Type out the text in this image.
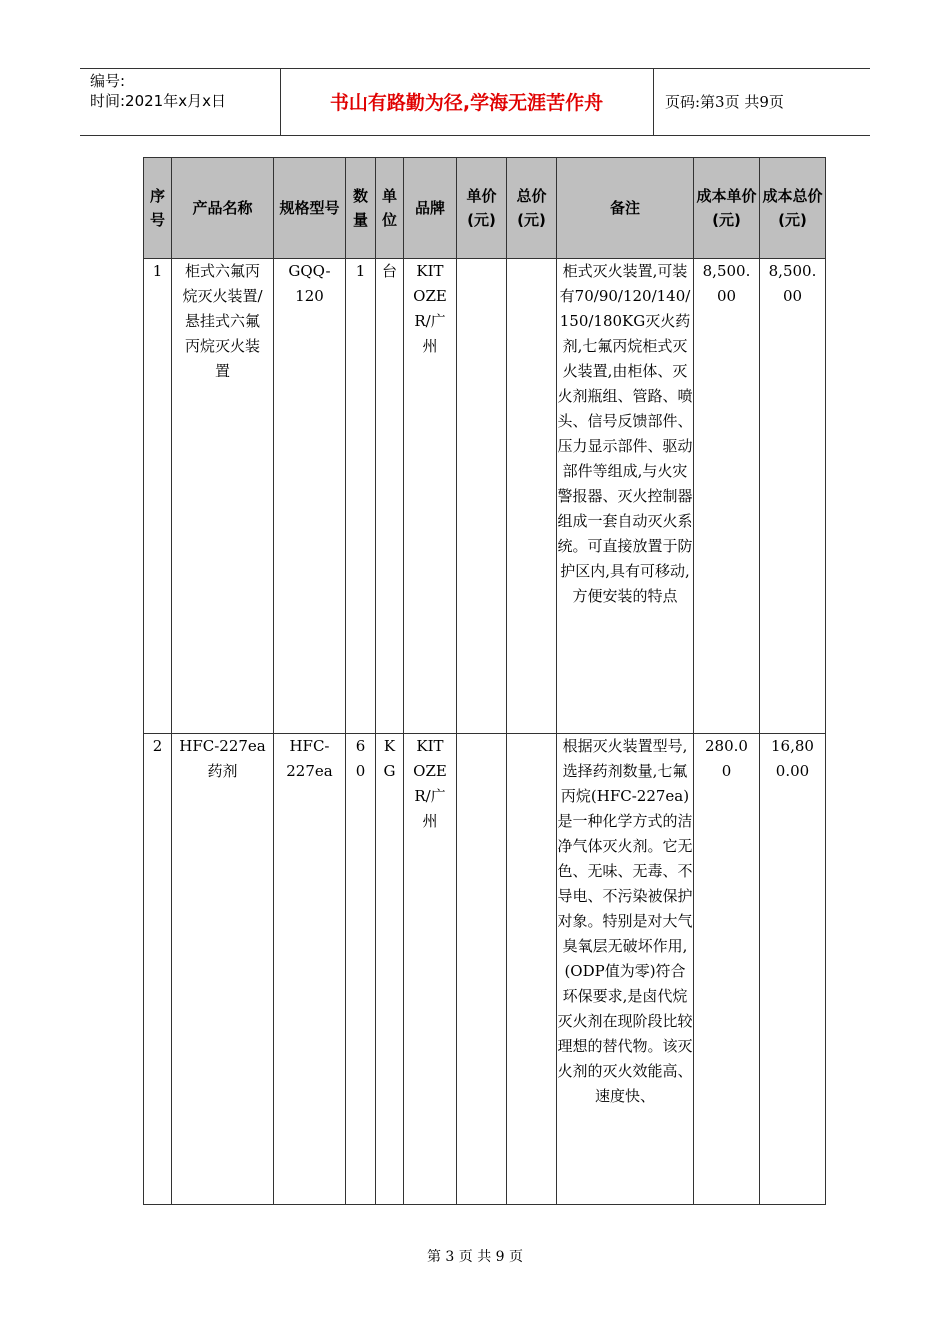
编号:
时间:2021年x月x日	书山有路勤为径,学海无涯苦作舟	页码:第3页 共9页
序号	产品名称	规格型号	数量	单位	品牌	单价(元)	总价(元)	备注	成本单价(元)	成本总价(元)
1	柜式六氟丙烷灭火装置/悬挂式六氟丙烷灭火装置	GQQ-120	1	台	KITOZER/广州			柜式灭火装置,可装有70/90/120/140/150/180KG灭火药剂,七氟丙烷柜式灭火装置,由柜体、灭火剂瓶组、管路、喷头、信号反馈部件、压力显示部件、驱动部件等组成,与火灾警报器、灭火控制器组成一套自动灭火系统。可直接放置于防护区内,具有可移动,方便安装的特点	8,500.00	8,500.00
2	HFC-227ea药剂	HFC-227ea	60	KG	KITOZER/广州			根据灭火装置型号,选择药剂数量,七氟丙烷(HFC-227ea)是一种化学方式的洁净气体灭火剂。它无色、无味、无毒、不导电、不污染被保护对象。特别是对大气臭氧层无破坏作用,(ODP值为零)符合环保要求,是卤代烷灭火剂在现阶段比较理想的替代物。该灭火剂的灭火效能高、速度快、	280.00	16,800.00
第 3 页 共 9 页
